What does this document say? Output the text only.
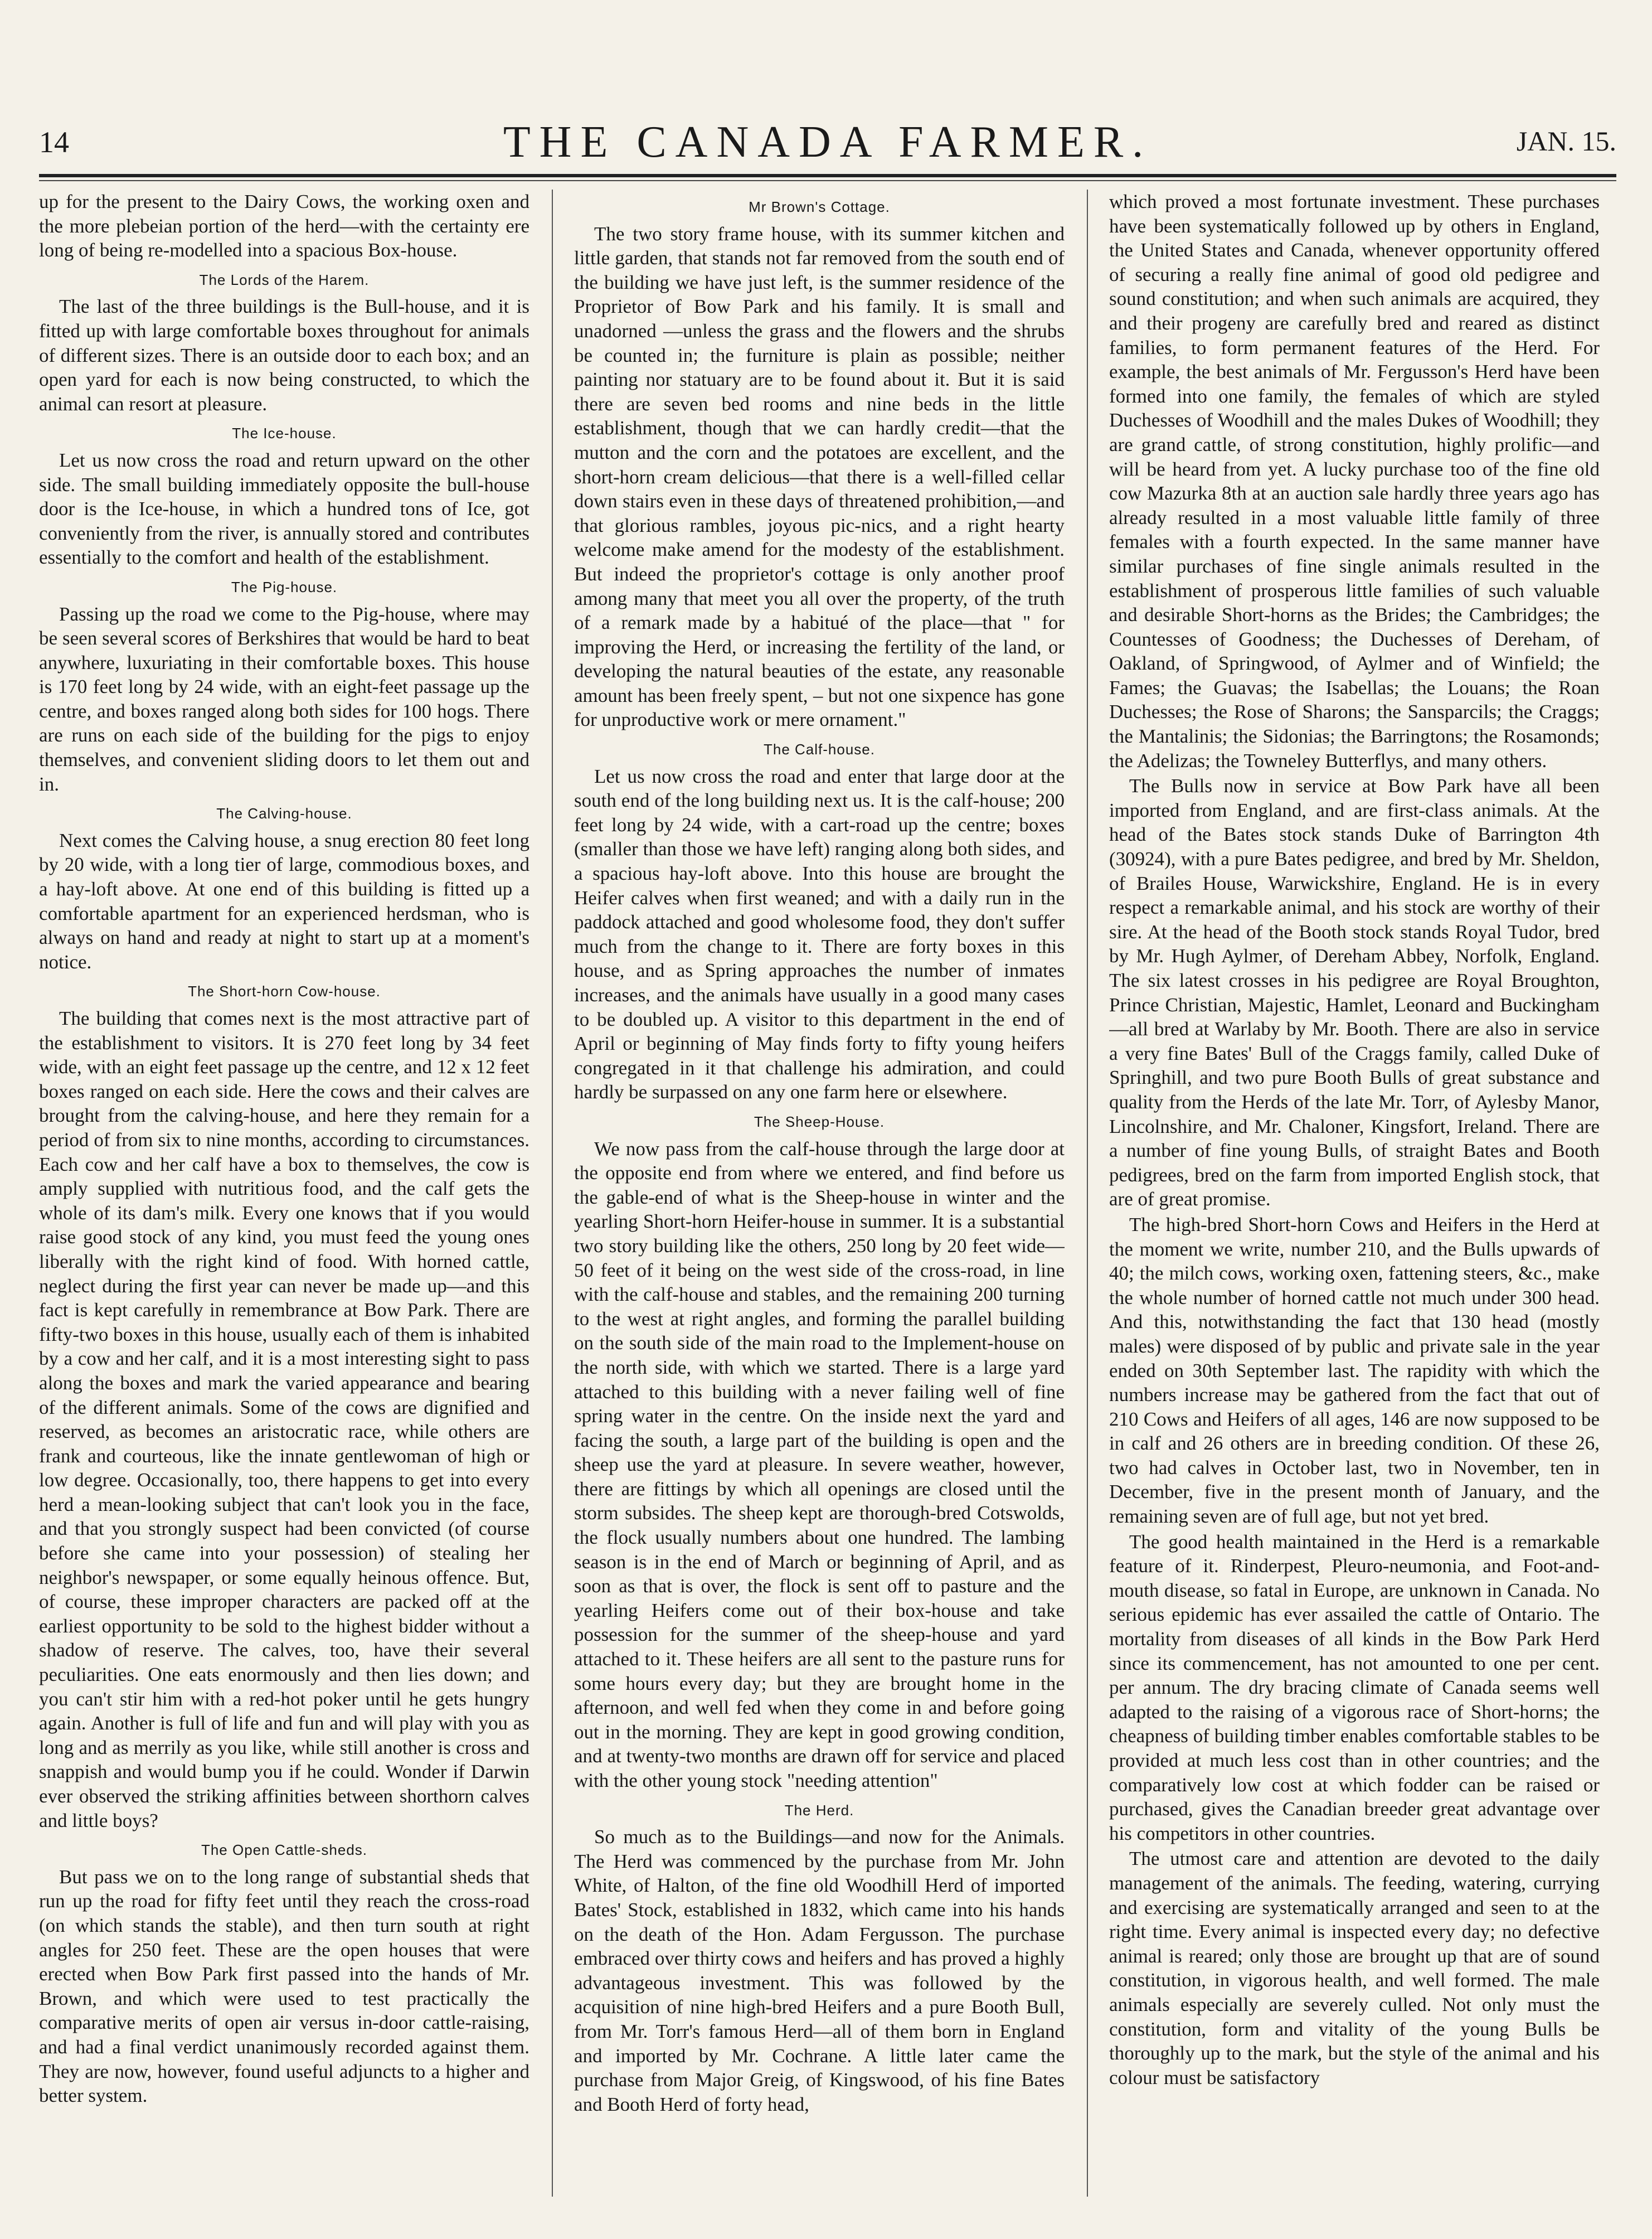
14	THE CANADA FARMER.	JAN. 15.

up for the present to the Dairy Cows, the working oxen and the more plebeian portion of the herd—with the certainty ere long of being re-modelled into a spacious Box-house.

The Lords of the Harem.

The last of the three buildings is the Bull-house, and it is fitted up with large comfortable boxes throughout for animals of different sizes. There is an outside door to each box; and an open yard for each is now being constructed, to which the animal can resort at pleasure.

The Ice-house.

Let us now cross the road and return upward on the other side. The small building immediately opposite the bull-house door is the Ice-house, in which a hundred tons of Ice, got conveniently from the river, is annually stored and contributes essentially to the comfort and health of the establishment.

The Pig-house.

Passing up the road we come to the Pig-house, where may be seen several scores of Berkshires that would be hard to beat anywhere, luxuriating in their comfortable boxes. This house is 170 feet long by 24 wide, with an eight-feet passage up the centre, and boxes ranged along both sides for 100 hogs. There are runs on each side of the building for the pigs to enjoy themselves, and convenient sliding doors to let them out and in.

The Calving-house.

Next comes the Calving house, a snug erection 80 feet long by 20 wide, with a long tier of large, commodious boxes, and a hay-loft above. At one end of this building is fitted up a comfortable apartment for an experienced herdsman, who is always on hand and ready at night to start up at a moment's notice.

The Short-horn Cow-house.

The building that comes next is the most attractive part of the establishment to visitors. It is 270 feet long by 34 feet wide, with an eight feet passage up the centre, and 12 x 12 feet boxes ranged on each side. Here the cows and their calves are brought from the calving-house, and here they remain for a period of from six to nine months, according to circumstances. Each cow and her calf have a box to themselves, the cow is amply supplied with nutritious food, and the calf gets the whole of its dam's milk. Every one knows that if you would raise good stock of any kind, you must feed the young ones liberally with the right kind of food. With horned cattle, neglect during the first year can never be made up—and this fact is kept carefully in remembrance at Bow Park. There are fifty-two boxes in this house, usually each of them is inhabited by a cow and her calf, and it is a most interesting sight to pass along the boxes and mark the varied appearance and bearing of the different animals. Some of the cows are dignified and reserved, as becomes an aristocratic race, while others are frank and courteous, like the innate gentlewoman of high or low degree. Occasionally, too, there happens to get into every herd a mean-looking subject that can't look you in the face, and that you strongly suspect had been convicted (of course before she came into your possession) of stealing her neighbor's newspaper, or some equally heinous offence. But, of course, these improper characters are packed off at the earliest opportunity to be sold to the highest bidder without a shadow of reserve. The calves, too, have their several peculiarities. One eats enormously and then lies down; and you can't stir him with a red-hot poker until he gets hungry again. Another is full of life and fun and will play with you as long and as merrily as you like, while still another is cross and snappish and would bump you if he could. Wonder if Darwin ever observed the striking affinities between shorthorn calves and little boys?

The Open Cattle-sheds.

But pass we on to the long range of substantial sheds that run up the road for fifty feet until they reach the cross-road (on which stands the stable), and then turn south at right angles for 250 feet. These are the open houses that were erected when Bow Park first passed into the hands of Mr. Brown, and which were used to test practically the comparative merits of open air versus in-door cattle-raising, and had a final verdict unanimously recorded against them. They are now, however, found useful adjuncts to a higher and better system.

Mr Brown's Cottage.

The two story frame house, with its summer kitchen and little garden, that stands not far removed from the south end of the building we have just left, is the summer residence of the Proprietor of Bow Park and his family. It is small and unadorned —unless the grass and the flowers and the shrubs be counted in; the furniture is plain as possible; neither painting nor statuary are to be found about it. But it is said there are seven bed rooms and nine beds in the little establishment, though that we can hardly credit—that the mutton and the corn and the potatoes are excellent, and the short-horn cream delicious—that there is a well-filled cellar down stairs even in these days of threatened prohibition,—and that glorious rambles, joyous pic-nics, and a right hearty welcome make amend for the modesty of the establishment. But indeed the proprietor's cottage is only another proof among many that meet you all over the property, of the truth of a remark made by a habitué of the place—that " for improving the Herd, or increasing the fertility of the land, or developing the natural beauties of the estate, any reasonable amount has been freely spent, – but not one sixpence has gone for unproductive work or mere ornament."

The Calf-house.

Let us now cross the road and enter that large door at the south end of the long building next us. It is the calf-house; 200 feet long by 24 wide, with a cart-road up the centre; boxes (smaller than those we have left) ranging along both sides, and a spacious hay-loft above. Into this house are brought the Heifer calves when first weaned; and with a daily run in the paddock attached and good wholesome food, they don't suffer much from the change to it. There are forty boxes in this house, and as Spring approaches the number of inmates increases, and the animals have usually in a good many cases to be doubled up. A visitor to this department in the end of April or beginning of May finds forty to fifty young heifers congregated in it that challenge his admiration, and could hardly be surpassed on any one farm here or elsewhere.

The Sheep-House.

We now pass from the calf-house through the large door at the opposite end from where we entered, and find before us the gable-end of what is the Sheep-house in winter and the yearling Short-horn Heifer-house in summer. It is a substantial two story building like the others, 250 long by 20 feet wide—50 feet of it being on the west side of the cross-road, in line with the calf-house and stables, and the remaining 200 turning to the west at right angles, and forming the parallel building on the south side of the main road to the Implement-house on the north side, with which we started. There is a large yard attached to this building with a never failing well of fine spring water in the centre. On the inside next the yard and facing the south, a large part of the building is open and the sheep use the yard at pleasure. In severe weather, however, there are fittings by which all openings are closed until the storm subsides. The sheep kept are thorough-bred Cotswolds, the flock usually numbers about one hundred. The lambing season is in the end of March or beginning of April, and as soon as that is over, the flock is sent off to pasture and the yearling Heifers come out of their box-house and take possession for the summer of the sheep-house and yard attached to it. These heifers are all sent to the pasture runs for some hours every day; but they are brought home in the afternoon, and well fed when they come in and before going out in the morning. They are kept in good growing condition, and at twenty-two months are drawn off for service and placed with the other young stock "needing attention"

The Herd.

So much as to the Buildings—and now for the Animals. The Herd was commenced by the purchase from Mr. John White, of Halton, of the fine old Woodhill Herd of imported Bates' Stock, established in 1832, which came into his hands on the death of the Hon. Adam Fergusson. The purchase embraced over thirty cows and heifers and has proved a highly advantageous investment. This was followed by the acquisition of nine high-bred Heifers and a pure Booth Bull, from Mr. Torr's famous Herd—all of them born in England and imported by Mr. Cochrane. A little later came the purchase from Major Greig, of Kingswood, of his fine Bates and Booth Herd of forty head,

which proved a most fortunate investment. These purchases have been systematically followed up by others in England, the United States and Canada, whenever opportunity offered of securing a really fine animal of good old pedigree and sound constitution; and when such animals are acquired, they and their progeny are carefully bred and reared as distinct families, to form permanent features of the Herd. For example, the best animals of Mr. Fergusson's Herd have been formed into one family, the females of which are styled Duchesses of Woodhill and the males Dukes of Woodhill; they are grand cattle, of strong constitution, highly prolific—and will be heard from yet. A lucky purchase too of the fine old cow Mazurka 8th at an auction sale hardly three years ago has already resulted in a most valuable little family of three females with a fourth expected. In the same manner have similar purchases of fine single animals resulted in the establishment of prosperous little families of such valuable and desirable Short-horns as the Brides; the Cambridges; the Countesses of Goodness; the Duchesses of Dereham, of Oakland, of Springwood, of Aylmer and of Winfield; the Fames; the Guavas; the Isabellas; the Louans; the Roan Duchesses; the Rose of Sharons; the Sansparcils; the Craggs; the Mantalinis; the Sidonias; the Barringtons; the Rosamonds; the Adelizas; the Towneley Butterflys, and many others.

The Bulls now in service at Bow Park have all been imported from England, and are first-class animals. At the head of the Bates stock stands Duke of Barrington 4th (30924), with a pure Bates pedigree, and bred by Mr. Sheldon, of Brailes House, Warwickshire, England. He is in every respect a remarkable animal, and his stock are worthy of their sire. At the head of the Booth stock stands Royal Tudor, bred by Mr. Hugh Aylmer, of Dereham Abbey, Norfolk, England. The six latest crosses in his pedigree are Royal Broughton, Prince Christian, Majestic, Hamlet, Leonard and Buckingham—all bred at Warlaby by Mr. Booth. There are also in service a very fine Bates' Bull of the Craggs family, called Duke of Springhill, and two pure Booth Bulls of great substance and quality from the Herds of the late Mr. Torr, of Aylesby Manor, Lincolnshire, and Mr. Chaloner, Kingsfort, Ireland. There are a number of fine young Bulls, of straight Bates and Booth pedigrees, bred on the farm from imported English stock, that are of great promise.

The high-bred Short-horn Cows and Heifers in the Herd at the moment we write, number 210, and the Bulls upwards of 40; the milch cows, working oxen, fattening steers, &c., make the whole number of horned cattle not much under 300 head. And this, notwithstanding the fact that 130 head (mostly males) were disposed of by public and private sale in the year ended on 30th September last. The rapidity with which the numbers increase may be gathered from the fact that out of 210 Cows and Heifers of all ages, 146 are now supposed to be in calf and 26 others are in breeding condition. Of these 26, two had calves in October last, two in November, ten in December, five in the present month of January, and the remaining seven are of full age, but not yet bred.

The good health maintained in the Herd is a remarkable feature of it. Rinderpest, Pleuro-neumonia, and Foot-and-mouth disease, so fatal in Europe, are unknown in Canada. No serious epidemic has ever assailed the cattle of Ontario. The mortality from diseases of all kinds in the Bow Park Herd since its commencement, has not amounted to one per cent. per annum. The dry bracing climate of Canada seems well adapted to the raising of a vigorous race of Short-horns; the cheapness of building timber enables comfortable stables to be provided at much less cost than in other countries; and the comparatively low cost at which fodder can be raised or purchased, gives the Canadian breeder great advantage over his competitors in other countries.

The utmost care and attention are devoted to the daily management of the animals. The feeding, watering, currying and exercising are systematically arranged and seen to at the right time. Every animal is inspected every day; no defective animal is reared; only those are brought up that are of sound constitution, in vigorous health, and well formed. The male animals especially are severely culled. Not only must the constitution, form and vitality of the young Bulls be thoroughly up to the mark, but the style of the animal and his colour must be satisfactory
